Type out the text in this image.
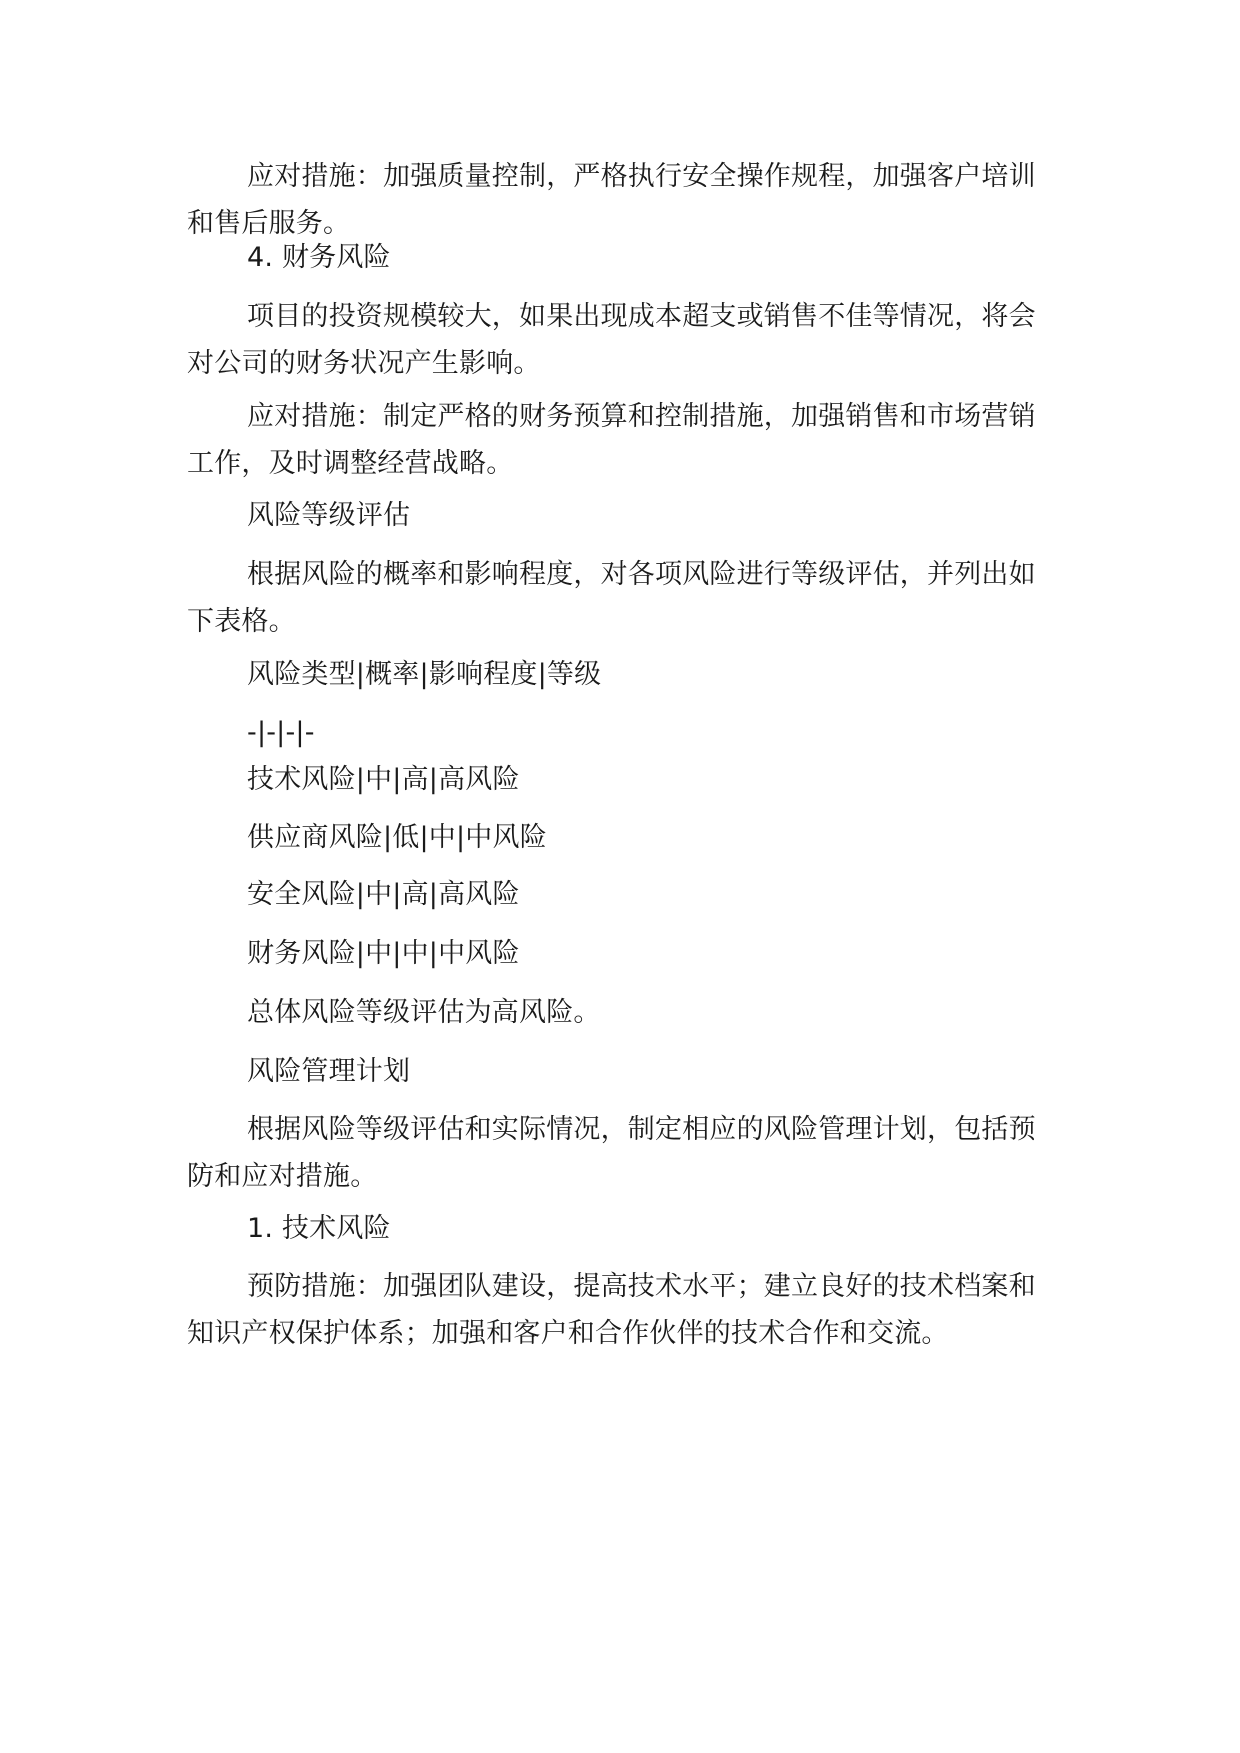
应对措施：加强质量控制，严格执行安全操作规程，加强客户培训和售后服务。

4. 财务风险

项目的投资规模较大，如果出现成本超支或销售不佳等情况，将会对公司的财务状况产生影响。

应对措施：制定严格的财务预算和控制措施，加强销售和市场营销工作，及时调整经营战略。

风险等级评估

根据风险的概率和影响程度，对各项风险进行等级评估，并列出如下表格。

风险类型|概率|影响程度|等级

-|-|-|-

技术风险|中|高|高风险

供应商风险|低|中|中风险

安全风险|中|高|高风险

财务风险|中|中|中风险

总体风险等级评估为高风险。

风险管理计划

根据风险等级评估和实际情况，制定相应的风险管理计划，包括预防和应对措施。

1. 技术风险

预防措施：加强团队建设，提高技术水平；建立良好的技术档案和知识产权保护体系；加强和客户和合作伙伴的技术合作和交流。
